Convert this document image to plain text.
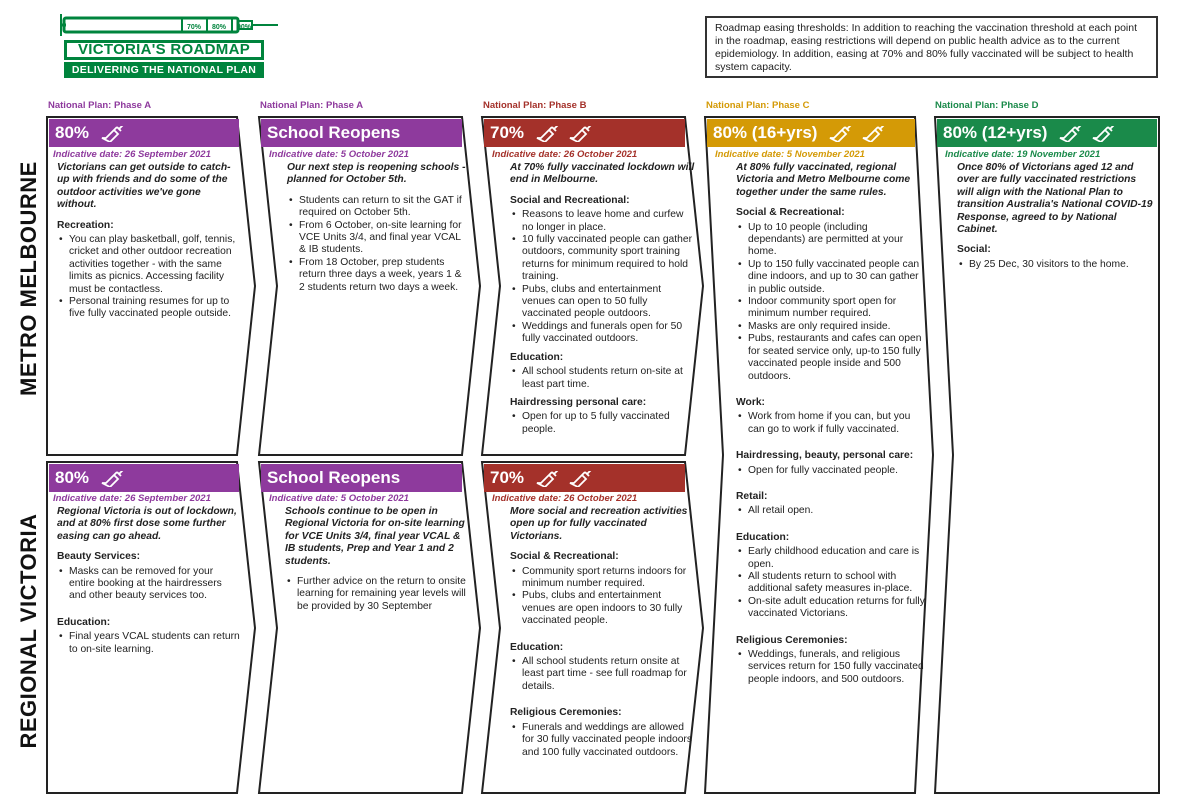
70% 80% 90%
VICTORIA'S ROADMAP
DELIVERING THE NATIONAL PLAN
Roadmap easing thresholds: In addition to reaching the vaccination threshold at each point in the roadmap, easing restrictions will depend on public health advice as to the current epidemiology. In addition, easing at 70% and 80% fully vaccinated will be subject to health system capacity.
METRO MELBOURNE
REGIONAL VICTORIA
National Plan: Phase A	National Plan: Phase A	National Plan: Phase B	National Plan: Phase C	National Plan: Phase D
80%
Indicative date: 26 September 2021
Victorians can get outside to catch-up with friends and do some of the outdoor activities we've gone without.
Recreation:
• You can play basketball, golf, tennis, cricket and other outdoor recreation activities together - with the same limits as picnics. Accessing facility must be contactless.
• Personal training resumes for up to five fully vaccinated people outside.
80%
Indicative date: 26 September 2021
Regional Victoria is out of lockdown, and at 80% first dose some further easing can go ahead.
Beauty Services:
• Masks can be removed for your entire booking at the hairdressers and other beauty services too.
Education:
• Final years VCAL students can return to on-site learning.
School Reopens
Indicative date: 5 October 2021
Our next step is reopening schools - planned for October 5th.
• Students can return to sit the GAT if required on October 5th.
• From 6 October, on-site learning for VCE Units 3/4, and final year VCAL & IB students.
• From 18 October, prep students return three days a week, years 1 & 2 students return two days a week.
School Reopens
Indicative date: 5 October 2021
Schools continue to be open in Regional Victoria for on-site learning for VCE Units 3/4, final year VCAL & IB students, Prep and Year 1 and 2 students.
• Further advice on the return to onsite learning for remaining year levels will be provided by 30 September
70%
Indicative date: 26 October 2021
At 70% fully vaccinated lockdown will end in Melbourne.
Social and Recreational:
• Reasons to leave home and curfew no longer in place.
• 10 fully vaccinated people can gather outdoors, community sport training returns for minimum required to hold training.
• Pubs, clubs and entertainment venues can open to 50 fully vaccinated people outdoors.
• Weddings and funerals open for 50 fully vaccinated outdoors.
Education:
• All school students return on-site at least part time.
Hairdressing personal care:
• Open for up to 5 fully vaccinated people.
70%
Indicative date: 26 October 2021
More social and recreation activities open up for fully vaccinated Victorians.
Social & Recreational:
• Community sport returns indoors for minimum number required.
• Pubs, clubs and entertainment venues are open indoors to 30 fully vaccinated people.
Education:
• All school students return onsite at least part time - see full roadmap for details.
Religious Ceremonies:
• Funerals and weddings are allowed for 30 fully vaccinated people indoors and 100 fully vaccinated outdoors.
80% (16+yrs)
Indicative date: 5 November 2021
At 80% fully vaccinated, regional Victoria and Metro Melbourne come together under the same rules.
Social & Recreational:
• Up to 10 people (including dependants) are permitted at your home.
• Up to 150 fully vaccinated people can dine indoors, and up to 30 can gather in public outside.
• Indoor community sport open for minimum number required.
• Masks are only required inside.
• Pubs, restaurants and cafes can open for seated service only, up-to 150 fully vaccinated people inside and 500 outdoors.
Work:
• Work from home if you can, but you can go to work if fully vaccinated.
Hairdressing, beauty, personal care:
• Open for fully vaccinated people.
Retail:
• All retail open.
Education:
• Early childhood education and care is open.
• All students return to school with additional safety measures in-place.
• On-site adult education returns for fully vaccinated Victorians.
Religious Ceremonies:
• Weddings, funerals, and religious services return for 150 fully vaccinated people indoors, and 500 outdoors.
80% (12+yrs)
Indicative date: 19 November 2021
Once 80% of Victorians aged 12 and over are fully vaccinated restrictions will align with the National Plan to transition Australia's National COVID-19 Response, agreed to by National Cabinet.
Social:
• By 25 Dec, 30 visitors to the home.
